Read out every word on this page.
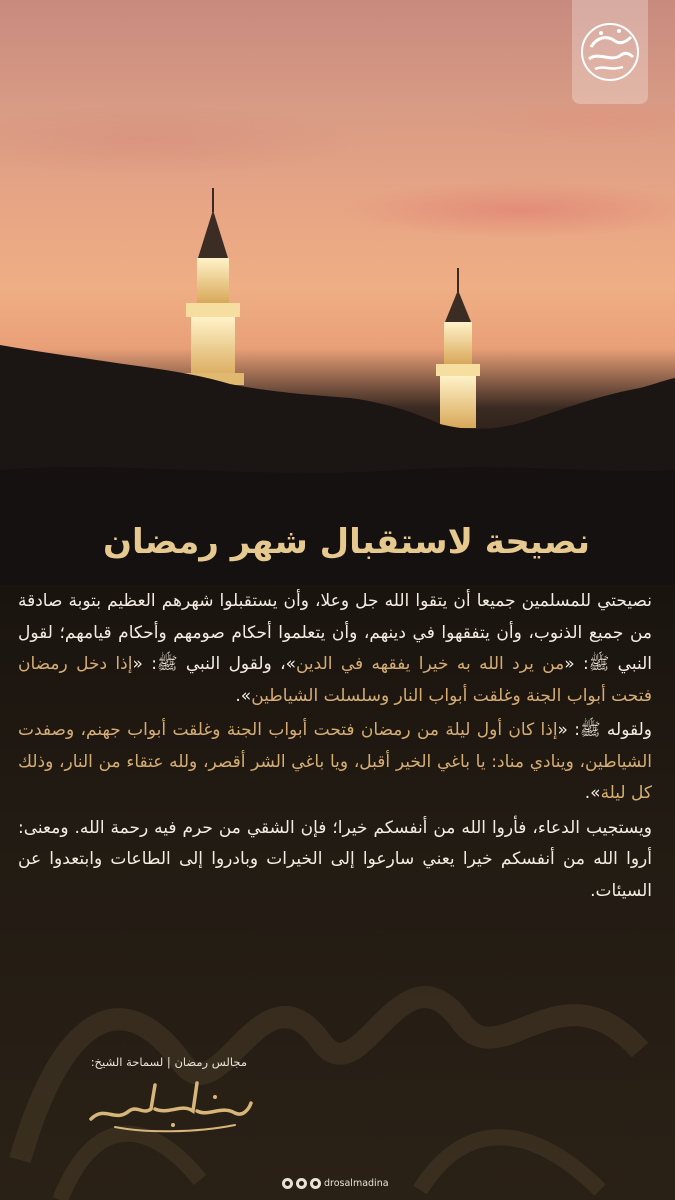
نصيحة لاستقبال شهر رمضان

نصيحتي للمسلمين جميعا أن يتقوا الله جل وعلا، وأن يستقبلوا شهرهم العظيم بتوبة صادقة من جميع الذنوب، وأن يتفقهوا في دينهم، وأن يتعلموا أحكام صومهم وأحكام قيامهم؛ لقول النبي ﷺ: «من يرد الله به خيرا يفقهه في الدين»، ولقول النبي ﷺ: «إذا دخل رمضان فتحت أبواب الجنة وغلقت أبواب النار وسلسلت الشياطين».

ولقوله ﷺ: «إذا كان أول ليلة من رمضان فتحت أبواب الجنة وغلقت أبواب جهنم، وصفدت الشياطين، وينادي مناد: يا باغي الخير أقبل، ويا باغي الشر أقصر، ولله عتقاء من النار، وذلك كل ليلة».

ويستجيب الدعاء، فأروا الله من أنفسكم خيرا؛ فإن الشقي من حرم فيه رحمة الله. ومعنى: أروا الله من أنفسكم خيرا يعني سارعوا إلى الخيرات وبادروا إلى الطاعات وابتعدوا عن السيئات.

مجالس رمضان | لسماحة الشيخ:
drosalmadina
